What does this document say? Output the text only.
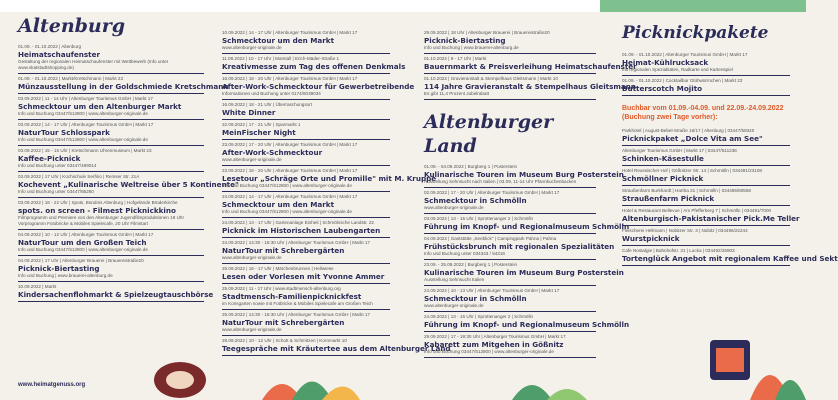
Altenburg
01.09. - 01.10.2022 | Altenburg
Heimatschaufenster
Gestaltung der regionalen Heimatschaufenster mit Wettbewerb (Info unter www.skatstadtshopping.de)
01.09. - 01.10.2022 | Markt/Kretschmann | Markt 23
Münzausstellung in der Goldschmiede Kretschmann
03.09.2022 | 11 - 14 Uhr | Altenburger Tourismus GmbH | Markt 17
Schmecktour um den Altenburger Markt
Info und Buchung 03447/512800 | www.altenburger-originale.de
03.09.2022 | 14 - 17 Uhr | Altenburger Tourismus GmbH | Markt 17
NaturTour Schlosspark
Info und Buchung 03447/512800 | www.altenburger-originale.de
03.09.2022 | 15 - 16 Uhr | Kretschmann Uhrenmuseum | Markt 23
Kaffee-Picknick
Info und Buchung unter 03447/489014
03.09.2022 | 17 Uhr | Kochschule Serfino | Remser Str. 21A
Kochevent „Kulinarische Weltreise über 5 Kontinente"
Info und Buchung unter 03447/85260
03.09.2022 | 18 - 22 Uhr | Spots. Bündnis Altenburg | Hofgelände Brüderkirche
spots. on screen - Filmest Picknickkino
Filmprogramm und Premiere von den Altenburger Jugendfilmproduktionen 18 Uhr Vorprogramm Fotobricke & Mobiles Spielecafe, 20 Uhr Filmstart
04.09.2022 | 10 - 12 Uhr | Altenburger Tourismus GmbH | Markt 17
NaturTour um den Großen Teich
Info und Buchung 03447/512800 | www.altenburger-originale.de
04.09.2022 | 17 Uhr | Altenburger Brauerei | Brauereistraße20
Picknick-Biertasting
Info und Buchung | www.brauerei-altenburg.de
10.09.2022 | Markt
Kindersachenflohmarkt & Spielzeugtauschbörse
10.09.2022 | 14 - 17 Uhr | Altenburger Tourismus GmbH | Markt 17
Schmecktour um den Markt
www.altenburger-originale.de
11.09.2022 | 10 - 17 Uhr | Marstall | Erich-Mäder-Straße 1
Kreativmesse zum Tag des offenen Denkmals
16.09.2022 | 18 - 20 Uhr | Altenburger Tourismus GmbH | Markt 17
After-Work-Schmecktour für Gewerbetreibende
Informationen und Buchung unter 0174/6039034
16.09.2022 | 18 - 21 Uhr | Überraschungsort
White Dinner
22.09.2022 | 17 - 21 Uhr | Sparmarkt 1
MeinFischer Night
23.09.2022 | 17 - 20 Uhr | Altenburger Tourismus GmbH | Markt 17
After-Work-Schmecktour
www.altenburger-originale.de
23.09.2022 | 18 - 20 Uhr | Altenburger Tourismus GmbH | Markt 17
Lesetour „Schräge Orte und Promille" mit M. Kruppe
Info und Buchung 03447/512800 | www.altenburger-originale.de
24.09.2022 | 14 - 17 Uhr | Altenburger Tourismus GmbH | Markt 17
Schmecktour um den Markt
Info und Buchung 03447/512800 | www.altenburger-originale.de
24.09.2022 | 14 - 17 Uhr | Gartenanlage Einheit | Schmölnsche Landstr. 22
Picknick im Historischen Laubengarten
24.09.2022 | 14:30 - 16:30 Uhr | Altenburger Tourismus GmbH | Markt 17
NaturTour mit Schrebergärten
www.altenburger-originale.de
25.09.2022 | 16 - 17 Uhr | Märchenbrunnen | Hellwiese
Lesen oder Vorlesen mit Yvonne Ammer
25.09.2022 | 11 - 17 Uhr | www.stadtmensch-altenburg.org
Stadtmensch-Familienpicknickfest
im Konsgarten sowie mit Fotbricke & Mobiles Spielecafe am Großen Teich
25.09.2022 | 14:30 - 16:30 Uhr | Altenburger Tourismus GmbH | Markt 17
NaturTour mit Schrebergärten
www.altenburger-originale.de
28.09.2022 | 10 - 12 Uhr | Schott & Schmitzen | Kornmarkt 10
Teegespräche mit Kräutertee aus dem Altenburger Land
29.09.2022 | 18 Uhr | Altenburger Brauerei | Brauereistraße20
Picknick-Biertasting
Info und Buchung | www.brauerei-altenburg.de
01.10.2022 | 9 - 17 Uhr | Markt
Bauernmarkt & Preisverleihung Heimatschaufenster
01.10.2022 | Gravieranstalt & Stempelhaus Gleitsmann | Markt 10
114 Jahre Gravieranstalt & Stempelhaus Gleitsmann
Es gibt 11,4 Prozent Jubelrabatt
Altenburger Land
01.09. - 04.09.2022 | Burgberg 1 | Posterstein
Kulinarische Touren im Museum Burg Posterstein
Ausstellung Sehnsucht nach Italien | 03.09, 11-14 Uhr Pfannkuchenbacken
02.09.2022 | 17 - 20 Uhr | Altenburger Tourismus GmbH | Markt 17
Schmecktour in Schmölln
www.altenburger-originale.de
03.09.2022 | 13 - 15 Uhr | Sprottenanger 2 | Schmölln
Führung im Knopf- und Regionalmuseum Schmölln
04.09.2022 | Gaststätte „Seeblick" | Campingpark Pahna | Pahna
Frühstücksbrunch mit regionalen Spezialitäten
Info und Buchung unter 034343 / 54316
23.09. - 25.09.2022 | Burgberg 1 | Posterstein
Kulinarische Touren im Museum Burg Posterstein
Ausstellung Sehnsucht Italien
24.09.2022 | 10 - 13 Uhr | Altenburger Tourismus GmbH | Markt 17
Schmecktour in Schmölln
www.altenburger-originale.de
24.09.2022 | 13 - 15 Uhr | Sprottenanger 2 | Schmölln
Führung im Knopf- und Regionalmuseum Schmölln
29.09.2022 | 17 - 19:30 Uhr | Altenburger Tourismus GmbH | Markt 17
Kabarett zum Mitgehen in Gößnitz
Info und Buchung 03447/512800 | www.altenburger-originale.de
Picknickpakete
01.09. - 01.10.2022 | Altenburger Tourismus GmbH | Markt 17
Heimat-Kühlrucksack
mit regionalen Spezialitäten, Radkarte und Kartenspiel
01.09. - 01.10.2022 | Cocktailbar Glühwürmchen | Markt 23
Butterscotch Mojito
Buchbar vom 01.09.-04.09. und 22.09.-24.09.2022 (Buchung zwei Tage vorher):
Parkhotel | August-Bebel-Straße 16/17 | Altenburg | 03447/58340
Picknickpaket „Dolce Vita am See"
Altenburger Tourismus GmbH | Markt 17 | 03447/511236
Schinken-Käsestulle
Hotel Reussischer Hof | Gößnitzer Str. 14 | Schmölln | 034491/23108
Schmöllner Picknick
Straußenfarm Burkhardt | Hartha 21 | Schmölln | 034495/80558
Straußenfarm Picknick
Hotel & Restaurant Bellevue | Am Pfefferberg 7 | Schmölln | 034491/7000
Altenburgisch-Pakistanischer Pick.Me Teller
Fleischerei Hellmann | Nobitzer Str. 3 | Nobitz | 034496/22244
Wurstpicknick
Cafe Nostalgie | Bahnhofstr. 31 | Lucka | 034492/26903
Tortenglück Angebot mit regionalem Kaffee und Sekt
www.heimatgenuss.org
